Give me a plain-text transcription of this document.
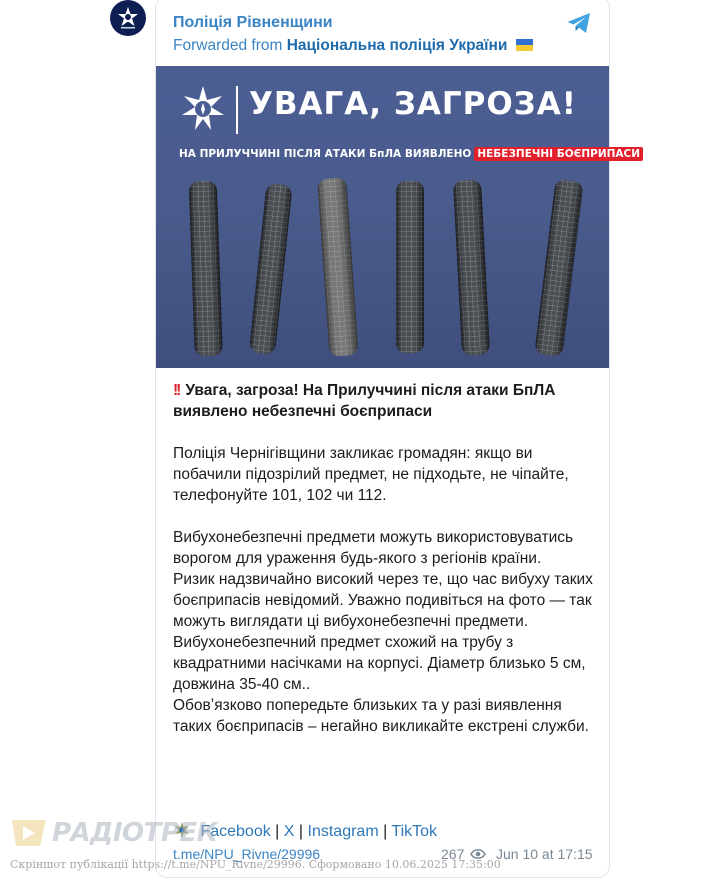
Поліція Рівненщини
Forwarded from Національна поліція України
УВАГА, ЗАГРОЗА!
НА ПРИЛУЧЧИНІ ПІСЛЯ АТАКИ БпЛА ВИЯВЛЕНО НЕБЕЗПЕЧНІ БОЄПРИПАСИ

!! Увага, загроза! На Прилуччині після атаки БпЛА виявлено небезпечні боєприпаси

Поліція Чернігівщини закликає громадян: якщо ви побачили підозрілий предмет, не підходьте, не чіпайте, телефонуйте 101, 102 чи 112.

Вибухонебезпечні предмети можуть використовуватись ворогом для ураження будь-якого з регіонів країни.

Ризик надзвичайно високий через те, що час вибуху таких боєприпасів невідомий. Уважно подивіться на фото — так можуть виглядати ці вибухонебезпечні предмети.

Вибухонебезпечний предмет схожий на трубу з квадратними насічками на корпусі. Діаметр близько 5 см, довжина 35-40 см..

Обовʼязково попередьте близьких та у разі виявлення таких боєприпасів – негайно викликайте екстрені служби.

Facebook | X | Instagram | TikTok
t.me/NPU_Rivne/29996	267 Jun 10 at 17:15
РАДІОТРЕК
Скріншот публікації https://t.me/NPU_Rivne/29996. Сформовано 10.06.2025 17:35:00
